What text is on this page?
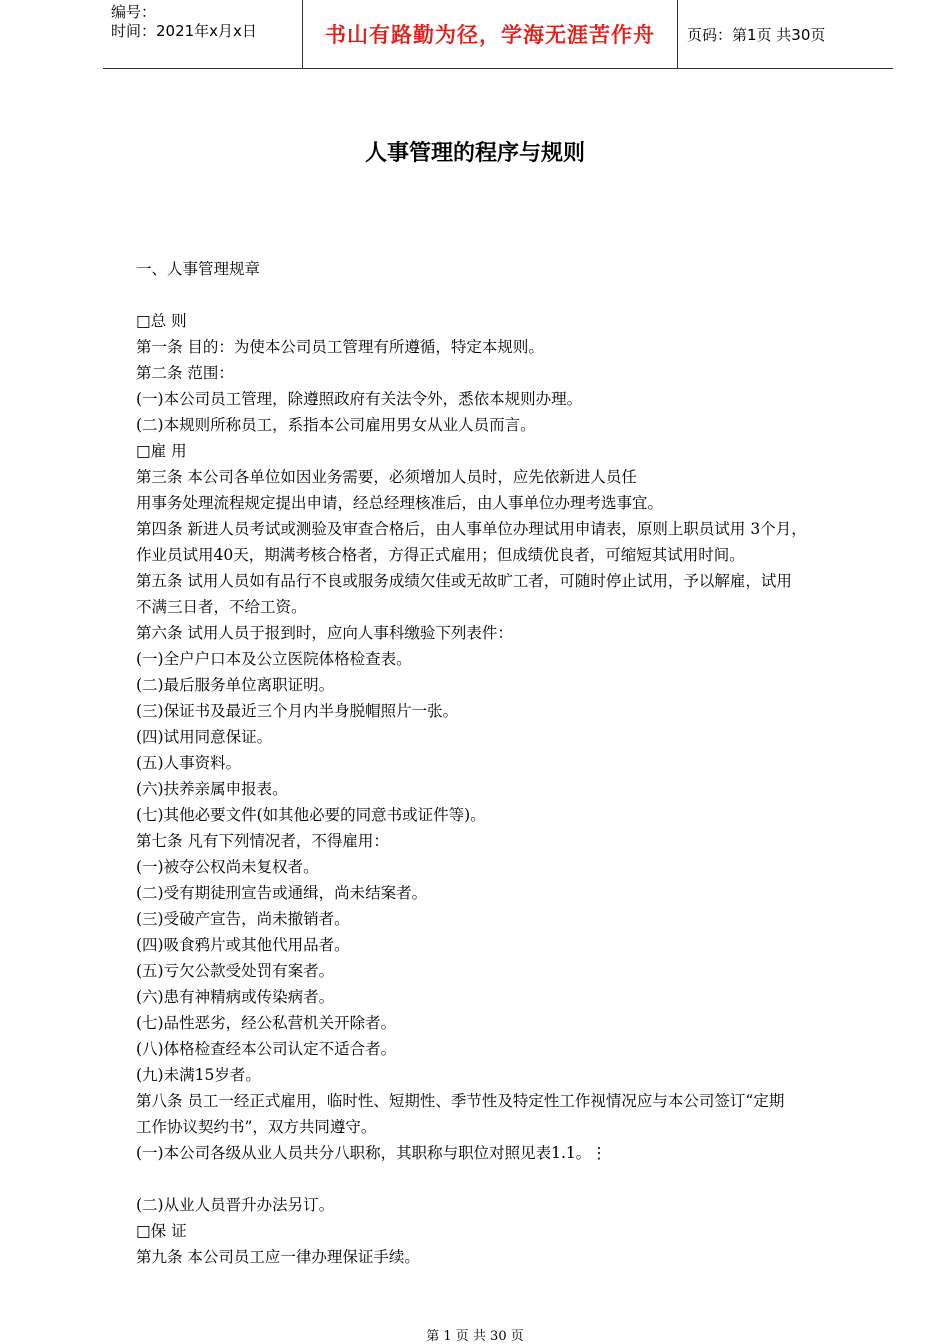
编号：
时间：2021年x月x日	书山有路勤为径，学海无涯苦作舟	页码：第1页 共30页
人事管理的程序与规则
一、人事管理规章
□总 则
第一条 目的：为使本公司员工管理有所遵循，特定本规则。
第二条 范围：
(一)本公司员工管理，除遵照政府有关法令外，悉依本规则办理。
(二)本规则所称员工，系指本公司雇用男女从业人员而言。
□雇 用
第三条 本公司各单位如因业务需要，必须增加人员时，应先依新进人员任
用事务处理流程规定提出申请，经总经理核准后，由人事单位办理考选事宜。
第四条 新进人员考试或测验及审查合格后，由人事单位办理试用申请表，原则上职员试用 3个月，
作业员试用40天，期满考核合格者，方得正式雇用；但成绩优良者，可缩短其试用时间。
第五条 试用人员如有品行不良或服务成绩欠佳或无故旷工者，可随时停止试用，予以解雇，试用
不满三日者，不给工资。
第六条 试用人员于报到时，应向人事科缴验下列表件：
(一)全户户口本及公立医院体格检查表。
(二)最后服务单位离职证明。
(三)保证书及最近三个月内半身脱帽照片一张。
(四)试用同意保证。
(五)人事资料。
(六)扶养亲属申报表。
(七)其他必要文件(如其他必要的同意书或证件等)。
第七条 凡有下列情况者，不得雇用：
(一)被夺公权尚未复权者。
(二)受有期徒刑宣告或通缉，尚未结案者。
(三)受破产宣告，尚未撤销者。
(四)吸食鸦片或其他代用品者。
(五)亏欠公款受处罚有案者。
(六)患有神精病或传染病者。
(七)品性恶劣，经公私营机关开除者。
(八)体格检查经本公司认定不适合者。
(九)未满15岁者。
第八条 员工一经正式雇用，临时性、短期性、季节性及特定性工作视情况应与本公司签订“定期
工作协议契约书”，双方共同遵守。
(一)本公司各级从业人员共分八职称，其职称与职位对照见表1.1。⋮
(二)从业人员晋升办法另订。
□保 证
第九条 本公司员工应一律办理保证手续。
第 1 页 共 30 页
